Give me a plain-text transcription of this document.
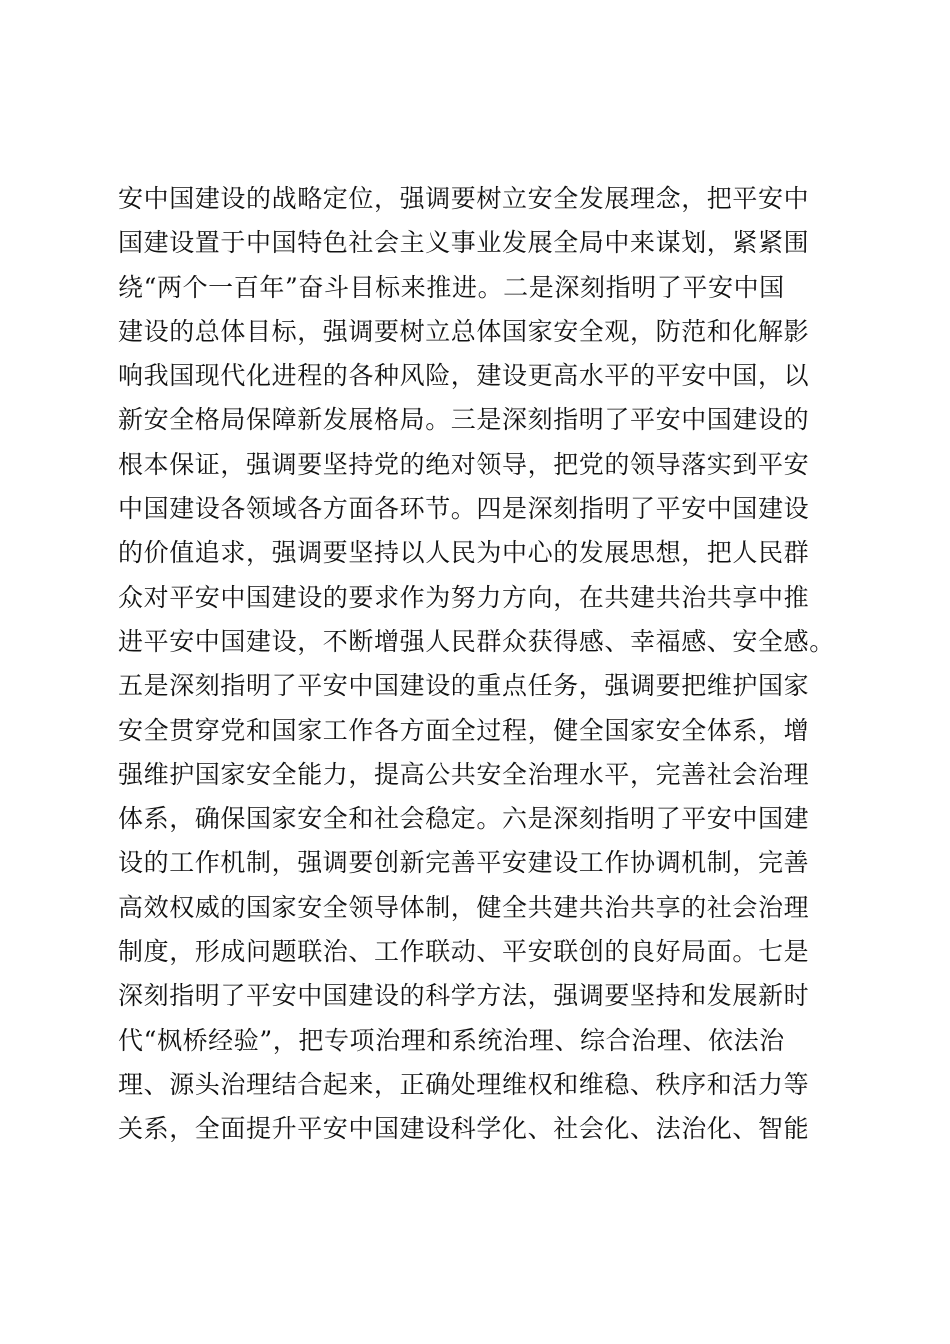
安中国建设的战略定位，强调要树立安全发展理念，把平安中
国建设置于中国特色社会主义事业发展全局中来谋划，紧紧围
绕“两个一百年”奋斗目标来推进。二是深刻指明了平安中国
建设的总体目标，强调要树立总体国家安全观，防范和化解影
响我国现代化进程的各种风险，建设更高水平的平安中国，以
新安全格局保障新发展格局。三是深刻指明了平安中国建设的
根本保证，强调要坚持党的绝对领导，把党的领导落实到平安
中国建设各领域各方面各环节。四是深刻指明了平安中国建设
的价值追求，强调要坚持以人民为中心的发展思想，把人民群
众对平安中国建设的要求作为努力方向，在共建共治共享中推
进平安中国建设，不断增强人民群众获得感、幸福感、安全感。
五是深刻指明了平安中国建设的重点任务，强调要把维护国家
安全贯穿党和国家工作各方面全过程，健全国家安全体系，增
强维护国家安全能力，提高公共安全治理水平，完善社会治理
体系，确保国家安全和社会稳定。六是深刻指明了平安中国建
设的工作机制，强调要创新完善平安建设工作协调机制，完善
高效权威的国家安全领导体制，健全共建共治共享的社会治理
制度，形成问题联治、工作联动、平安联创的良好局面。七是
深刻指明了平安中国建设的科学方法，强调要坚持和发展新时
代“枫桥经验”，把专项治理和系统治理、综合治理、依法治
理、源头治理结合起来，正确处理维权和维稳、秩序和活力等
关系，全面提升平安中国建设科学化、社会化、法治化、智能
